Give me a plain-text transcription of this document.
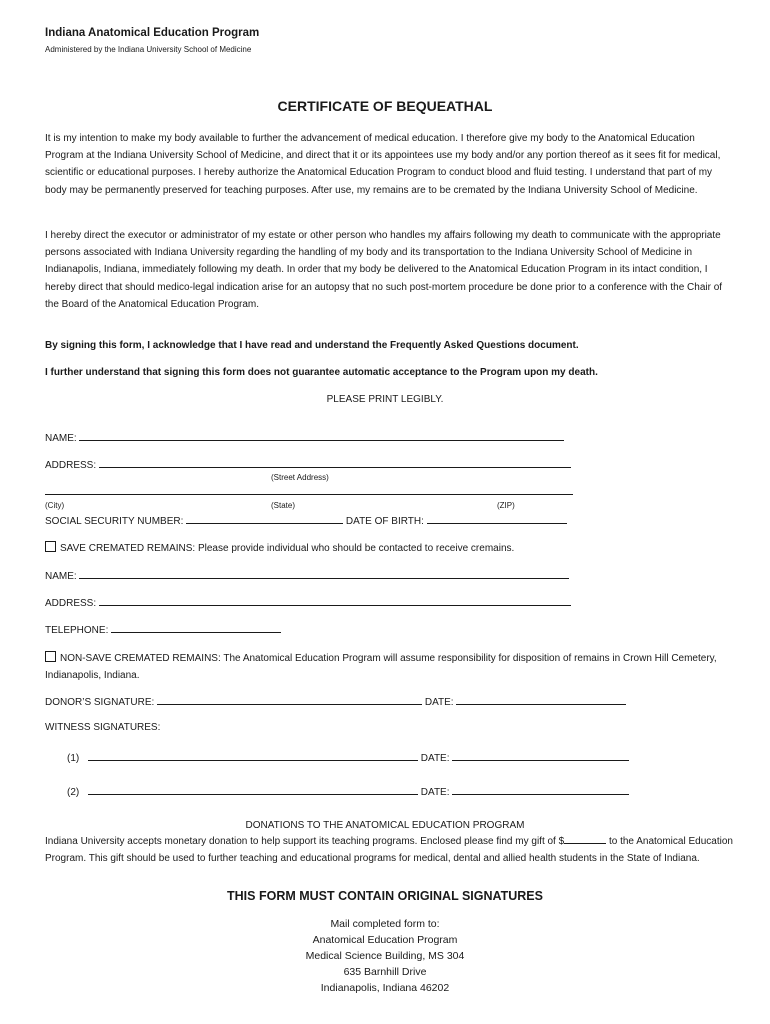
Indiana Anatomical Education Program
Administered by the Indiana University School of Medicine
CERTIFICATE OF BEQUEATHAL
It is my intention to make my body available to further the advancement of medical education. I therefore give my body to the Anatomical Education Program at the Indiana University School of Medicine, and direct that it or its appointees use my body and/or any portion thereof as it sees fit for medical, scientific or educational purposes. I hereby authorize the Anatomical Education Program to conduct blood and fluid testing. I understand that part of my body may be permanently preserved for teaching purposes. After use, my remains are to be cremated by the Indiana University School of Medicine.
I hereby direct the executor or administrator of my estate or other person who handles my affairs following my death to communicate with the appropriate persons associated with Indiana University regarding the handling of my body and its transportation to the Indiana University School of Medicine in Indianapolis, Indiana, immediately following my death. In order that my body be delivered to the Anatomical Education Program in its intact condition, I hereby direct that should medico-legal indication arise for an autopsy that no such post-mortem procedure be done prior to a conference with the Chair of the Board of the Anatomical Education Program.
By signing this form, I acknowledge that I have read and understand the Frequently Asked Questions document.
I further understand that signing this form does not guarantee automatic acceptance to the Program upon my death.
PLEASE PRINT LEGIBLY.
NAME:
ADDRESS:
(Street Address)
(City)	(State)	(ZIP)
SOCIAL SECURITY NUMBER:	DATE OF BIRTH:
SAVE CREMATED REMAINS: Please provide individual who should be contacted to receive cremains.
NAME:
ADDRESS:
TELEPHONE:
NON-SAVE CREMATED REMAINS: The Anatomical Education Program will assume responsibility for disposition of remains in Crown Hill Cemetery, Indianapolis, Indiana.
DONOR’S SIGNATURE:	DATE:
WITNESS SIGNATURES:
(1)	DATE:
(2)	DATE:
DONATIONS TO THE ANATOMICAL EDUCATION PROGRAM
Indiana University accepts monetary donation to help support its teaching programs. Enclosed please find my gift of $	to the Anatomical Education Program. This gift should be used to further teaching and educational programs for medical, dental and allied health students in the State of Indiana.
THIS FORM MUST CONTAIN ORIGINAL SIGNATURES
Mail completed form to:
Anatomical Education Program
Medical Science Building, MS 304
635 Barnhill Drive
Indianapolis, Indiana 46202
